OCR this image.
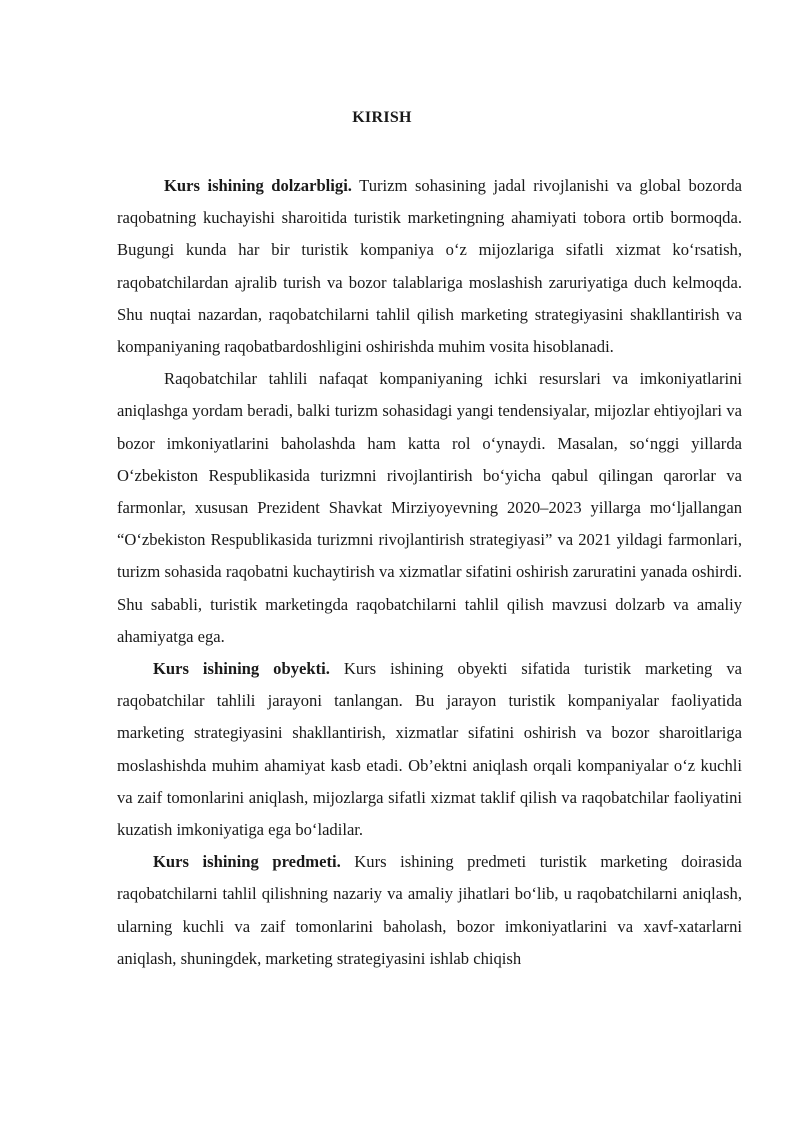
KIRISH

Kurs ishining dolzarbligi. Turizm sohasining jadal rivojlanishi va global bozorda raqobatning kuchayishi sharoitida turistik marketingning ahamiyati tobora ortib bormoqda. Bugungi kunda har bir turistik kompaniya o‘z mijozlariga sifatli xizmat ko‘rsatish, raqobatchilardan ajralib turish va bozor talablariga moslashish zaruriyatiga duch kelmoqda. Shu nuqtai nazardan, raqobatchilarni tahlil qilish marketing strategiyasini shakllantirish va kompaniyaning raqobatbardoshligini oshirishda muhim vosita hisoblanadi.

Raqobatchilar tahlili nafaqat kompaniyaning ichki resurslari va imkoniyatlarini aniqlashga yordam beradi, balki turizm sohasidagi yangi tendensiyalar, mijozlar ehtiyojlari va bozor imkoniyatlarini baholashda ham katta rol o‘ynaydi. Masalan, so‘nggi yillarda O‘zbekiston Respublikasida turizmni rivojlantirish bo‘yicha qabul qilingan qarorlar va farmonlar, xususan Prezident Shavkat Mirziyoyevning 2020–2023 yillarga mo‘ljallangan “O‘zbekiston Respublikasida turizmni rivojlantirish strategiyasi” va 2021 yildagi farmonlari, turizm sohasida raqobatni kuchaytirish va xizmatlar sifatini oshirish zaruratini yanada oshirdi. Shu sababli, turistik marketingda raqobatchilarni tahlil qilish mavzusi dolzarb va amaliy ahamiyatga ega.

Kurs ishining obyekti. Kurs ishining obyekti sifatida turistik marketing va raqobatchilar tahlili jarayoni tanlangan. Bu jarayon turistik kompaniyalar faoliyatida marketing strategiyasini shakllantirish, xizmatlar sifatini oshirish va bozor sharoitlariga moslashishda muhim ahamiyat kasb etadi. Ob’ektni aniqlash orqali kompaniyalar o‘z kuchli va zaif tomonlarini aniqlash, mijozlarga sifatli xizmat taklif qilish va raqobatchilar faoliyatini kuzatish imkoniyatiga ega bo‘ladilar.

Kurs ishining predmeti. Kurs ishining predmeti turistik marketing doirasida raqobatchilarni tahlil qilishning nazariy va amaliy jihatlari bo‘lib, u raqobatchilarni aniqlash, ularning kuchli va zaif tomonlarini baholash, bozor imkoniyatlarini va xavf-xatarlarni aniqlash, shuningdek, marketing strategiyasini ishlab chiqish
